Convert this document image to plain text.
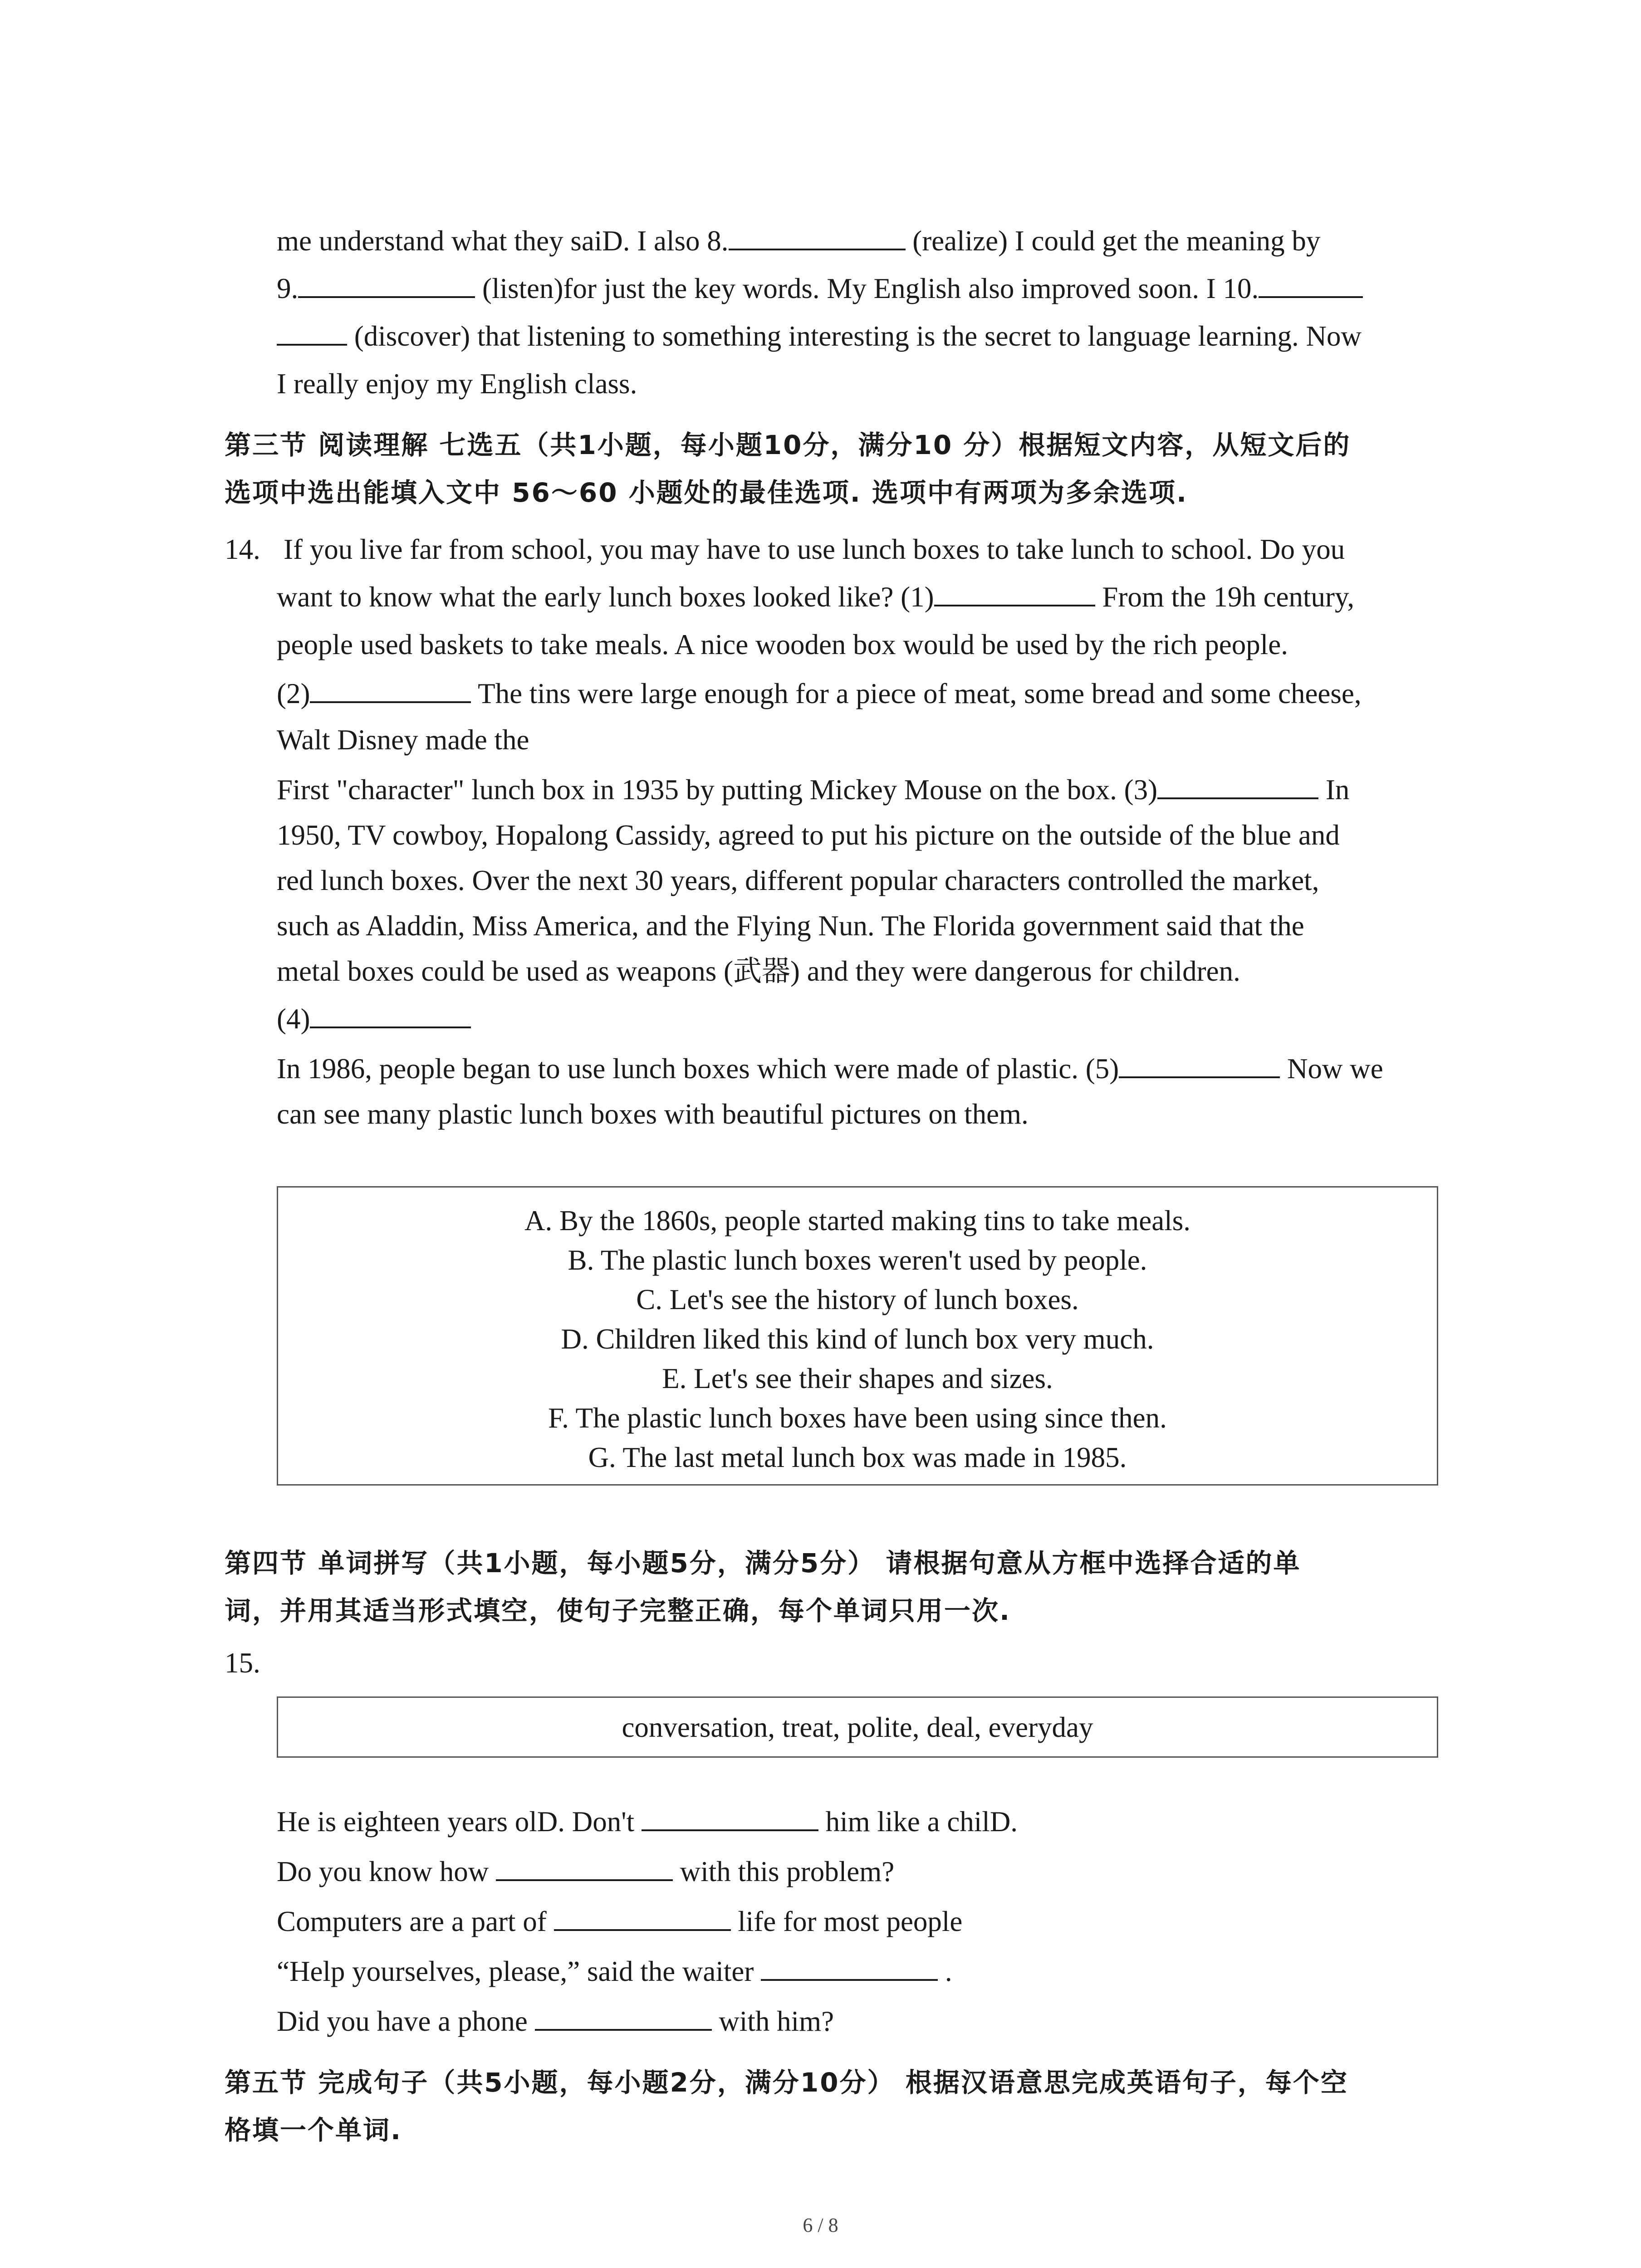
me understand what they saiD. I also 8.	(realize) I could get the meaning by
9.	(listen)for just the key words. My English also improved soon. I 10.
(discover) that listening to something interesting is the secret to language learning. Now
I really enjoy my English class.
第三节 阅读理解 七选五（共1小题，每小题10分，满分10 分）根据短文内容，从短文后的
选项中选出能填入文中 56～60 小题处的最佳选项. 选项中有两项为多余选项.
14. If you live far from school, you may have to use lunch boxes to take lunch to school. Do you
want to know what the early lunch boxes looked like? (1)	From the 19h century,
people used baskets to take meals. A nice wooden box would be used by the rich people.
(2)	The tins were large enough for a piece of meat, some bread and some cheese,
Walt Disney made the
First "character" lunch box in 1935 by putting Mickey Mouse on the box. (3)	In
1950, TV cowboy, Hopalong Cassidy, agreed to put his picture on the outside of the blue and
red lunch boxes. Over the next 30 years, different popular characters controlled the market,
such as Aladdin, Miss America, and the Flying Nun. The Florida government said that the
metal boxes could be used as weapons (武器) and they were dangerous for children.
(4)
In 1986, people began to use lunch boxes which were made of plastic. (5)	Now we
can see many plastic lunch boxes with beautiful pictures on them.
A. By the 1860s, people started making tins to take meals.
B. The plastic lunch boxes weren't used by people.
C. Let's see the history of lunch boxes.
D. Children liked this kind of lunch box very much.
E. Let's see their shapes and sizes.
F. The plastic lunch boxes have been using since then.
G. The last metal lunch box was made in 1985.
第四节 单词拼写（共1小题，每小题5分，满分5分） 请根据句意从方框中选择合适的单
词，并用其适当形式填空，使句子完整正确，每个单词只用一次.
15.
conversation, treat, polite, deal, everyday
He is eighteen years olD. Don't	him like a chilD.
Do you know how	with this problem?
Computers are a part of	life for most people
“Help yourselves, please,” said the waiter	.
Did you have a phone	with him?
第五节 完成句子（共5小题，每小题2分，满分10分） 根据汉语意思完成英语句子，每个空
格填一个单词.
6 / 8
